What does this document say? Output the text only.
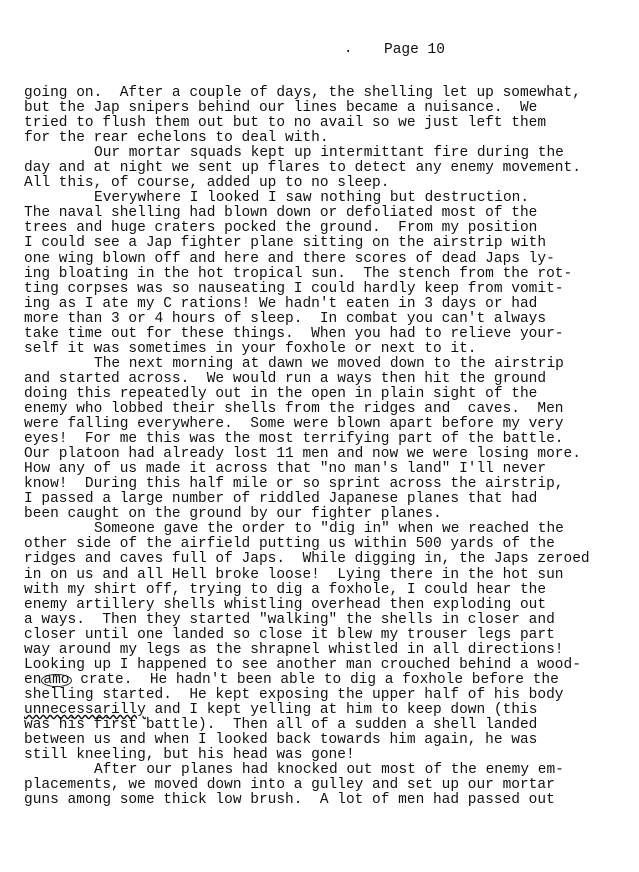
· Page 10
going on.  After a couple of days, the shelling let up somewhat,
but the Jap snipers behind our lines became a nuisance.  We
tried to flush them out but to no avail so we just left them
for the rear echelons to deal with.
Our mortar squads kept up intermittant fire during the
day and at night we sent up flares to detect any enemy movement.
All this, of course, added up to no sleep.
Everywhere I looked I saw nothing but destruction.
The naval shelling had blown down or defoliated most of the
trees and huge craters pocked the ground.  From my position
I could see a Jap fighter plane sitting on the airstrip with
one wing blown off and here and there scores of dead Japs ly-
ing bloating in the hot tropical sun.  The stench from the rot-
ting corpses was so nauseating I could hardly keep from vomit-
ing as I ate my C rations! We hadn't eaten in 3 days or had
more than 3 or 4 hours of sleep.  In combat you can't always
take time out for these things.  When you had to relieve your-
self it was sometimes in your foxhole or next to it.
The next morning at dawn we moved down to the airstrip
and started across.  We would run a ways then hit the ground
doing this repeatedly out in the open in plain sight of the
enemy who lobbed their shells from the ridges and  caves.  Men
were falling everywhere.  Some were blown apart before my very
eyes!  For me this was the most terrifying part of the battle.
Our platoon had already lost 11 men and now we were losing more.
How any of us made it across that "no man's land" I'll never
know!  During this half mile or so sprint across the airstrip,
I passed a large number of riddled Japanese planes that had
been caught on the ground by our fighter planes.
Someone gave the order to "dig in" when we reached the
other side of the airfield putting us within 500 yards of the
ridges and caves full of Japs.  While digging in, the Japs zeroed
in on us and all Hell broke loose!  Lying there in the hot sun
with my shirt off, trying to dig a foxhole, I could hear the
enemy artillery shells whistling overhead then exploding out
a ways.  Then they started "walking" the shells in closer and
closer until one landed so close it blew my trouser legs part
way around my legs as the shrapnel whistled in all directions!
Looking up I happened to see another man crouched behind a wood-
en amo crate.  He hadn't been able to dig a foxhole before the
shelling started.  He kept exposing the upper half of his body
unnecessarilly and I kept yelling at him to keep down (this
was his first battle).  Then all of a sudden a shell landed
between us and when I looked back towards him again, he was
still kneeling, but his head was gone!
After our planes had knocked out most of the enemy em-
placements, we moved down into a gulley and set up our mortar
guns among some thick low brush.  A lot of men had passed out
